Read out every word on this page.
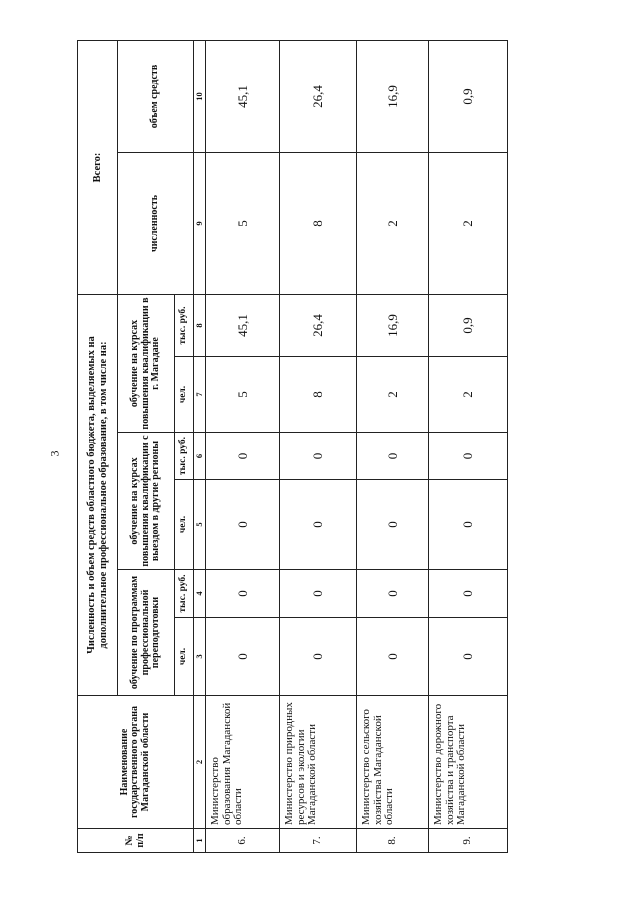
3
№ п/п	Наименование государственного органа Магаданской области	Численность и объем средств областного бюджета, выделяемых на дополнительное профессиональное образование, в том числе на:						Всего:	
		обучение по программам профессиональной переподготовки		обучение на курсах повышения квалификации с выездом в другие регионы		обучение на курсах повышения квалификации в г. Магадане		численность	объем средств
		чел.	тыс. руб.	чел.	тыс. руб.	чел.	тыс. руб.		
1	2	3	4	5	6	7	8	9	10
6.	Министерство образования Магаданской области	0	0	0	0	5	45,1	5	45,1
7.	Министерство природных ресурсов и экологии Магаданской области	0	0	0	0	8	26,4	8	26,4
8.	Министерство сельского хозяйства Магаданской области	0	0	0	0	2	16,9	2	16,9
9.	Министерство дорожного хозяйства и транспорта Магаданской области	0	0	0	0	2	0,9	2	0,9
